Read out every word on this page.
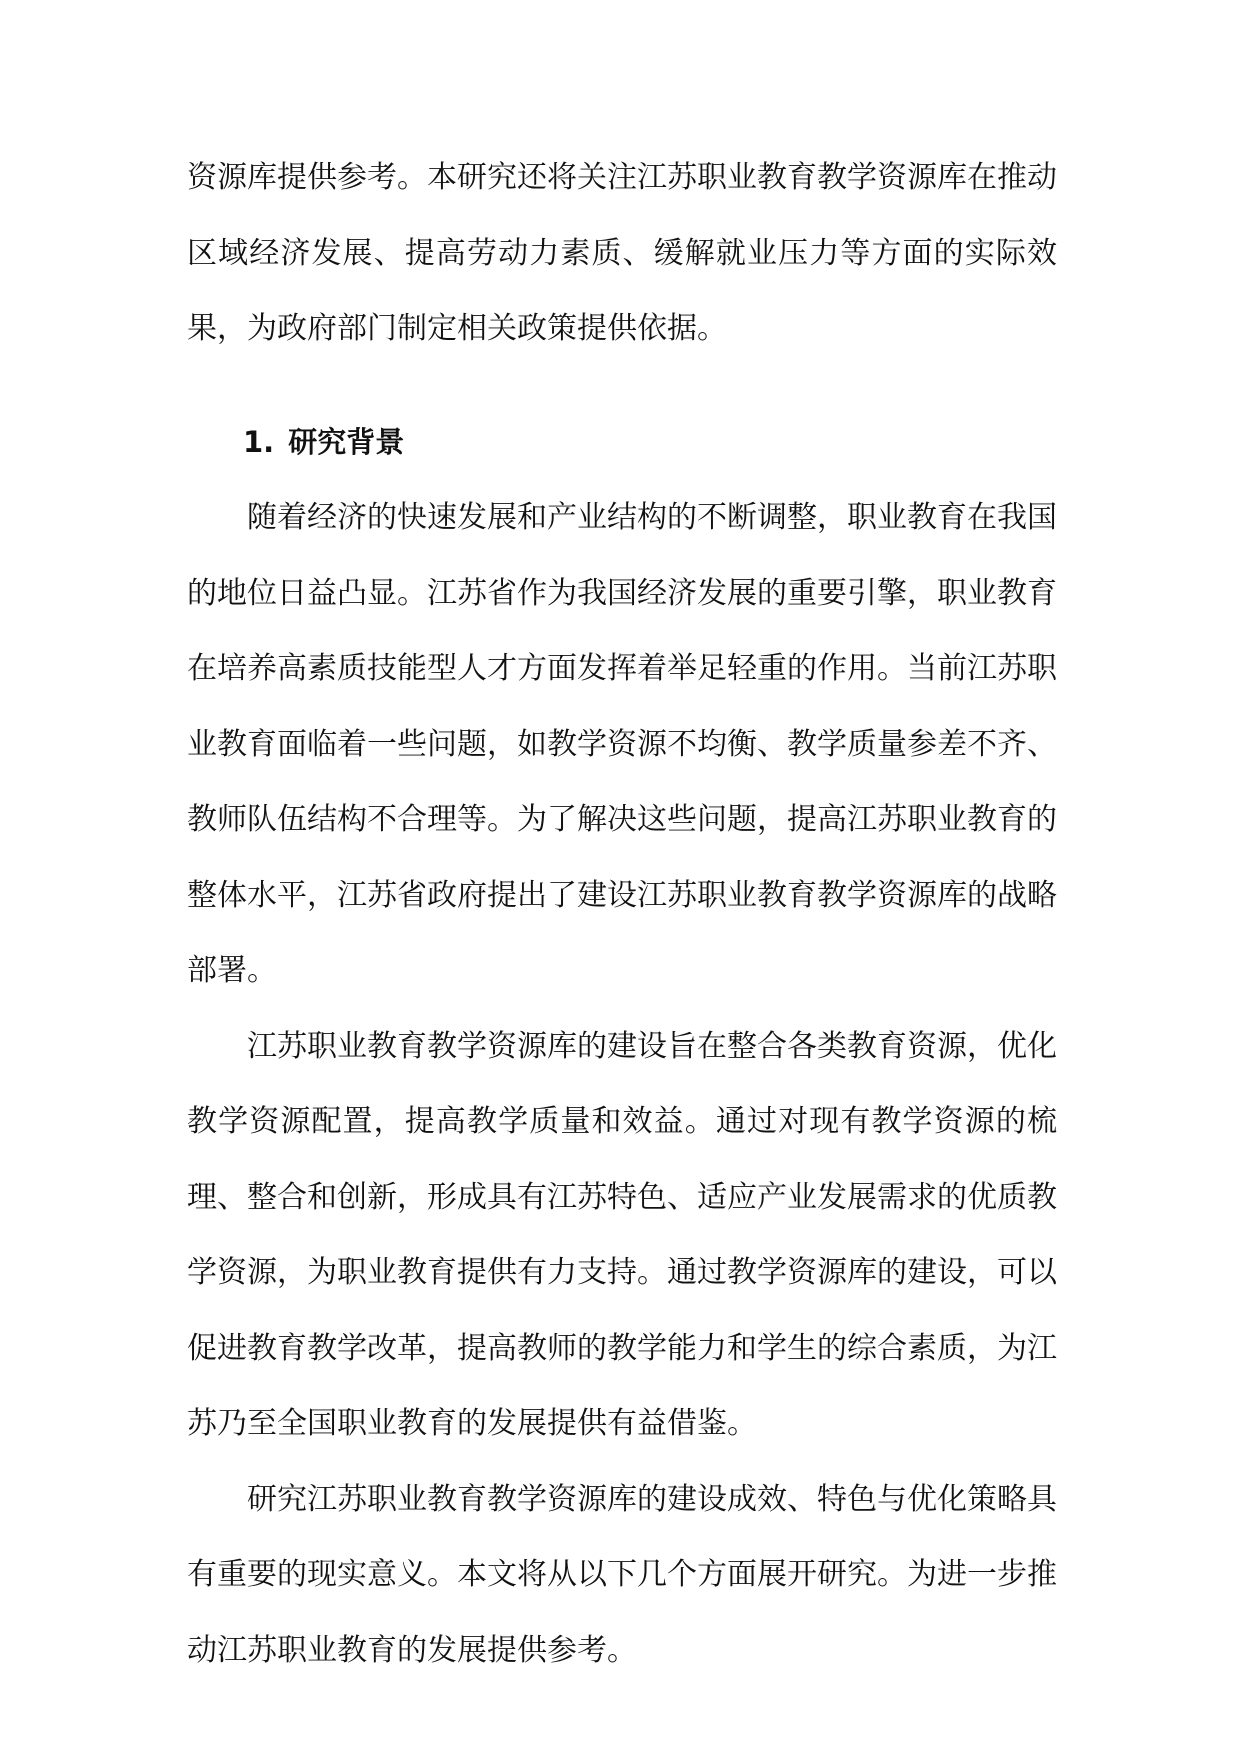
资源库提供参考。本研究还将关注江苏职业教育教学资源库在推动区域经济发展、提高劳动力素质、缓解就业压力等方面的实际效果，为政府部门制定相关政策提供依据。

1. 研究背景

随着经济的快速发展和产业结构的不断调整，职业教育在我国的地位日益凸显。江苏省作为我国经济发展的重要引擎，职业教育在培养高素质技能型人才方面发挥着举足轻重的作用。当前江苏职业教育面临着一些问题，如教学资源不均衡、教学质量参差不齐、教师队伍结构不合理等。为了解决这些问题，提高江苏职业教育的整体水平，江苏省政府提出了建设江苏职业教育教学资源库的战略部署。

江苏职业教育教学资源库的建设旨在整合各类教育资源，优化教学资源配置，提高教学质量和效益。通过对现有教学资源的梳理、整合和创新，形成具有江苏特色、适应产业发展需求的优质教学资源，为职业教育提供有力支持。通过教学资源库的建设，可以促进教育教学改革，提高教师的教学能力和学生的综合素质，为江苏乃至全国职业教育的发展提供有益借鉴。

研究江苏职业教育教学资源库的建设成效、特色与优化策略具有重要的现实意义。本文将从以下几个方面展开研究。为进一步推动江苏职业教育的发展提供参考。
